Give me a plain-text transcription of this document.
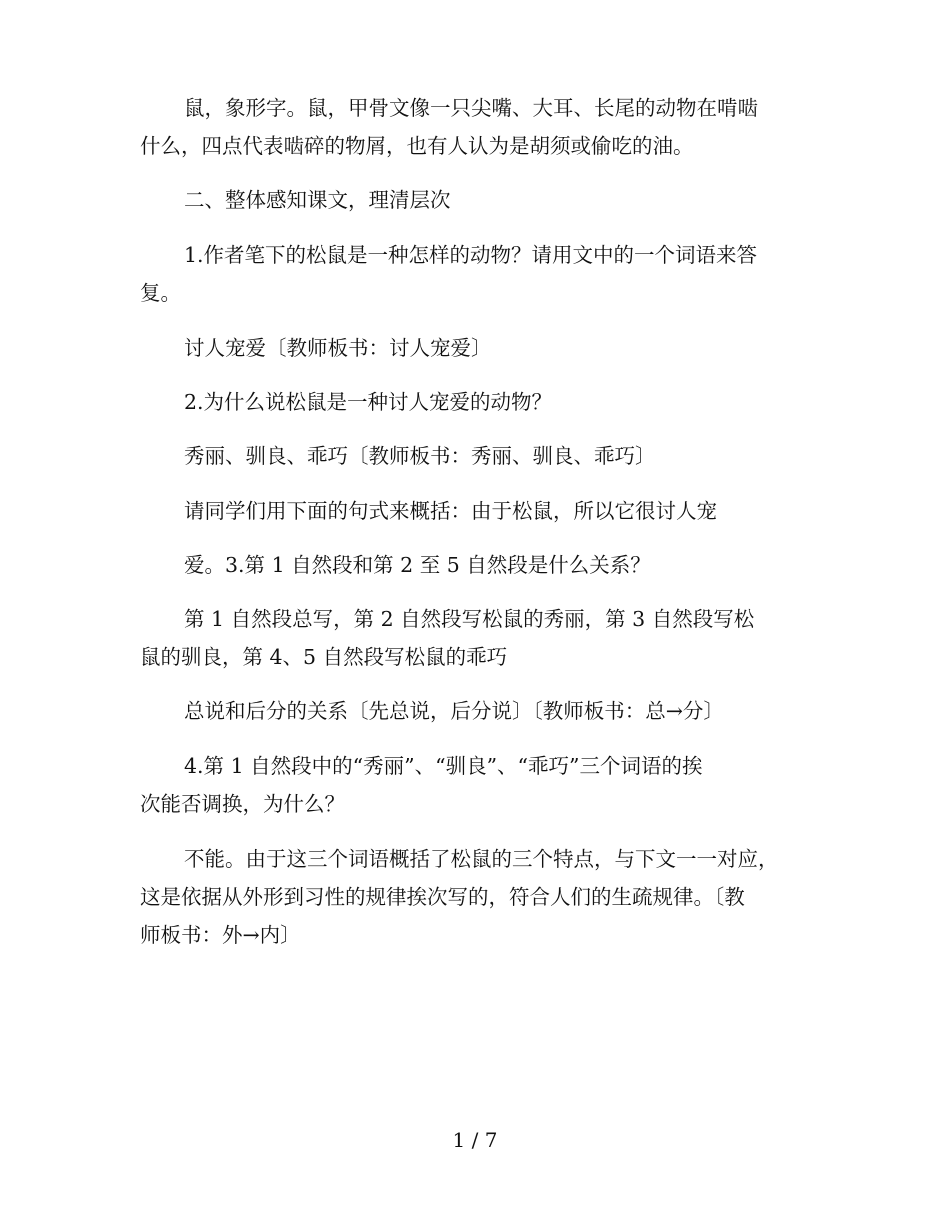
鼠，象形字。鼠，甲骨文像一只尖嘴、大耳、长尾的动物在啃啮
什么，四点代表啮碎的物屑，也有人认为是胡须或偷吃的油。

二、整体感知课文，理清层次

1.作者笔下的松鼠是一种怎样的动物？请用文中的一个词语来答
复。

讨人宠爱〔教师板书：讨人宠爱〕

2.为什么说松鼠是一种讨人宠爱的动物？

秀丽、驯良、乖巧〔教师板书：秀丽、驯良、乖巧〕

请同学们用下面的句式来概括：由于松鼠，所以它很讨人宠

爱。3.第 1 自然段和第 2 至 5 自然段是什么关系？

第 1 自然段总写，第 2 自然段写松鼠的秀丽，第 3 自然段写松
鼠的驯良，第 4、5 自然段写松鼠的乖巧

总说和后分的关系〔先总说，后分说〕〔教师板书：总→分〕

4.第 1 自然段中的“秀丽”、“驯良”、“乖巧”三个词语的挨
次能否调换，为什么？

不能。由于这三个词语概括了松鼠的三个特点，与下文一一对应，
这是依据从外形到习性的规律挨次写的，符合人们的生疏规律。〔教
师板书：外→内〕

1 / 7
